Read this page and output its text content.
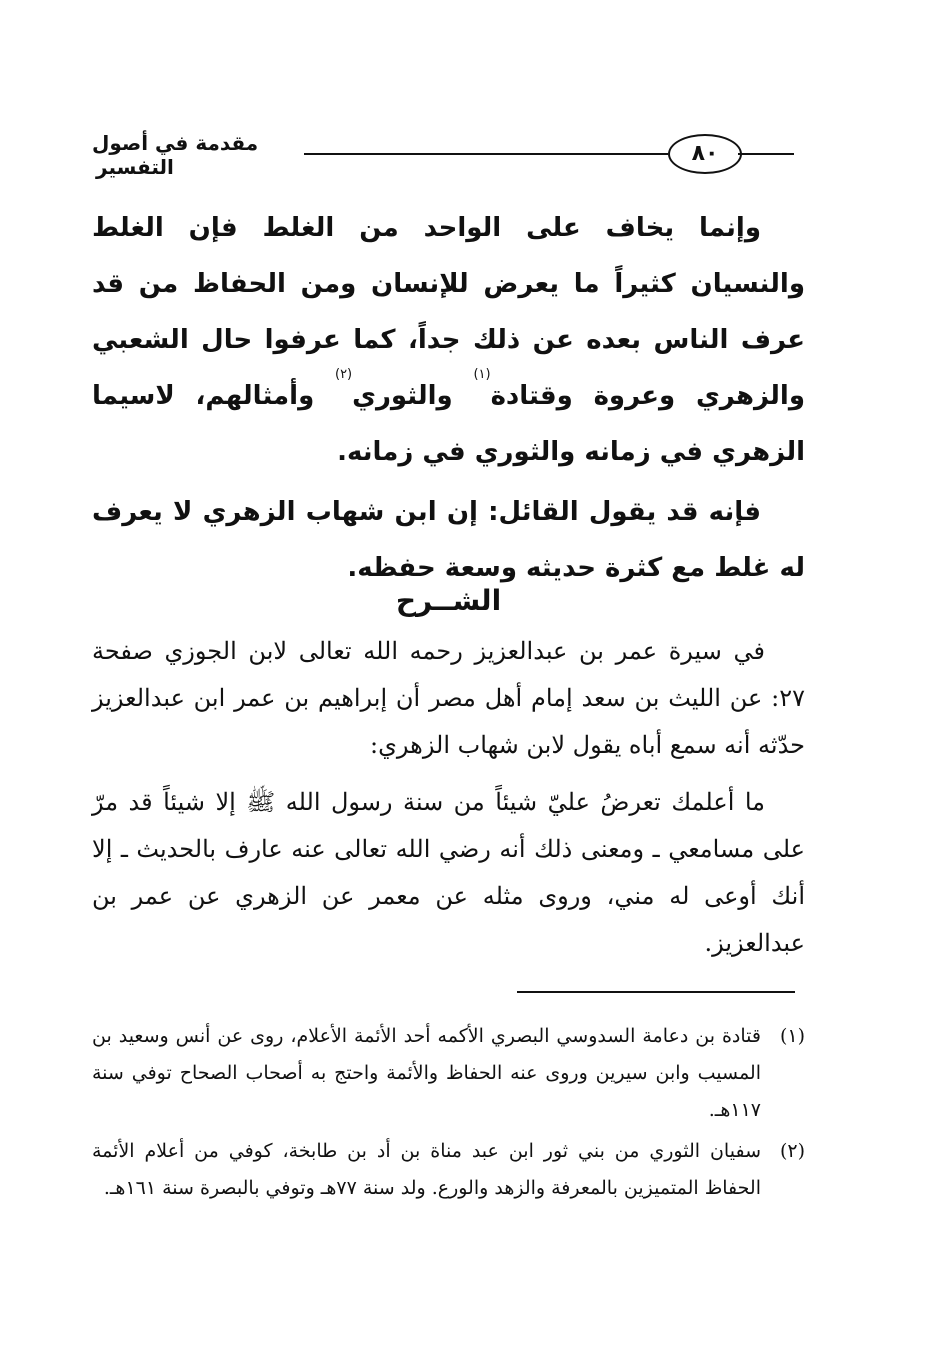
٨٠
مقدمة في أصول التفسير

وإنما يخاف على الواحد من الغلط فإن الغلط والنسيان كثيراً ما يعرض للإنسان ومن الحفاظ من قد عرف الناس بعده عن ذلك جداً، كما عرفوا حال الشعبي والزهري وعروة وقتادة$^{(١)}$ والثوري$^{(٢)}$ وأمثالهم، لاسيما الزهري في زمانه والثوري في زمانه.

فإنه قد يقول القائل: إن ابن شهاب الزهري لا يعرف له غلط مع كثرة حديثه وسعة حفظه.

الشــرح

في سيرة عمر بن عبدالعزيز رحمه الله تعالى لابن الجوزي صفحة ٢٧: عن الليث بن سعد إمام أهل مصر أن إبراهيم بن عمر ابن عبدالعزيز حدّثه أنه سمع أباه يقول لابن شهاب الزهري:

ما أعلمك تعرضُ عليّ شيئاً من سنة رسول الله ﷺ إلا شيئاً قد مرّ على مسامعي ـ ومعنى ذلك أنه رضي الله تعالى عنه عارف بالحديث ـ إلا أنك أوعى له مني، وروى مثله عن معمر عن الزهري عن عمر بن عبدالعزيز.

(١)
قتادة بن دعامة السدوسي البصري الأكمه أحد الأئمة الأعلام، روى عن أنس وسعيد بن المسيب وابن سيرين وروى عنه الحفاظ والأئمة واحتج به أصحاب الصحاح توفي سنة ١١٧هـ.
(٢)
سفيان الثوري من بني ثور ابن عبد مناة بن أد بن طابخة، كوفي من أعلام الأئمة الحفاظ المتميزين بالمعرفة والزهد والورع. ولد سنة ٧٧هـ وتوفي بالبصرة سنة ١٦١هـ.
